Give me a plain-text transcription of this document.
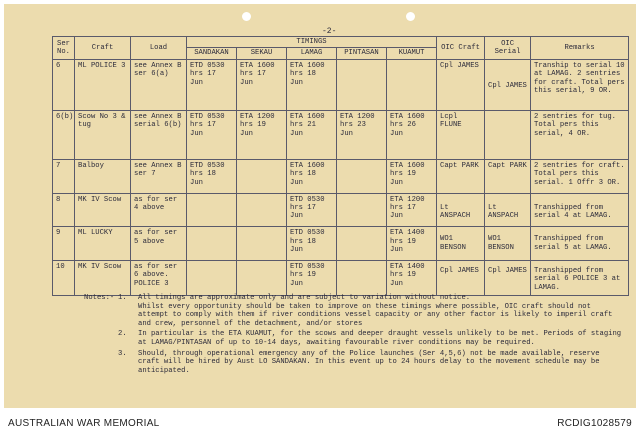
-2-
Ser No.	Craft	Load	TIMINGS					OIC Craft	OIC Serial	Remarks
			SANDAKAN	SEKAU	LAMAG	PINTASAN	KUAMUT			
6	ML POLICE 3	see Annex B ser 6(a)	ETD 0530 hrs 17 Jun	ETA 1600 hrs 17 Jun	ETA 1600 hrs 18 Jun			Cpl JAMES	Cpl JAMES	Tranship to serial 10 at LAMAG. 2 sentries for craft. Total pers this serial, 9 OR.
6(b)	Scow No 3 & tug	see Annex B serial 6(b)	ETD 0530 hrs 17 Jun	ETA 1200 hrs 19 Jun	ETA 1600 hrs 21 Jun	ETA 1200 hrs 23 Jun	ETA 1600 hrs 26 Jun	Lcpl FLUNE		2 sentries for tug. Total pers this serial, 4 OR.
7	Balboy	see Annex B ser 7	ETD 0530 hrs 18 Jun		ETA 1600 hrs 18 Jun		ETA 1600 hrs 19 Jun	Capt PARK	Capt PARK	2 sentries for craft. Total pers this serial. 1 Offr 3 OR.
8	MK IV Scow	as for ser 4 above			ETD 0530 hrs 17 Jun		ETA 1200 hrs 17 Jun	Lt ANSPACH	Lt ANSPACH	Transhipped from serial 4 at LAMAG.
9	ML LUCKY	as for ser 5 above			ETD 0530 hrs 18 Jun		ETA 1400 hrs 19 Jun	WO1 BENSON	WO1 BENSON	Transhipped from serial 5 at LAMAG.
10	MK IV Scow	as for ser 6 above. POLICE 3			ETD 0530 hrs 19 Jun		ETA 1400 hrs 19 Jun	Cpl JAMES	Cpl JAMES	Transhipped from serial 6 POLICE 3 at LAMAG.
Notes:- 1.	All timings are approximate only and are subject to variation without notice.
Whilst every opportunity should be taken to improve on these timings where possible, OIC craft should not attempt to comply with them if river conditions vessel capacity or any other factor is likely to imperil craft and crew, personnel of the detachment, and/or stores
2.	In particular is the ETA KUAMUT, for the scows and deeper draught vessels unlikely to be met. Periods of staging at LAMAG/PINTASAN of up to 10-14 days, awaiting favourable river conditions may be required.
3.	Should, through operational emergency any of the Police launches (Ser 4,5,6) not be made available, reserve craft will be hired by Aust LO SANDAKAN. In this event up to 24 hours delay to the movement schedule may be anticipated.
AUSTRALIAN WAR MEMORIAL	RCDIG1028579
